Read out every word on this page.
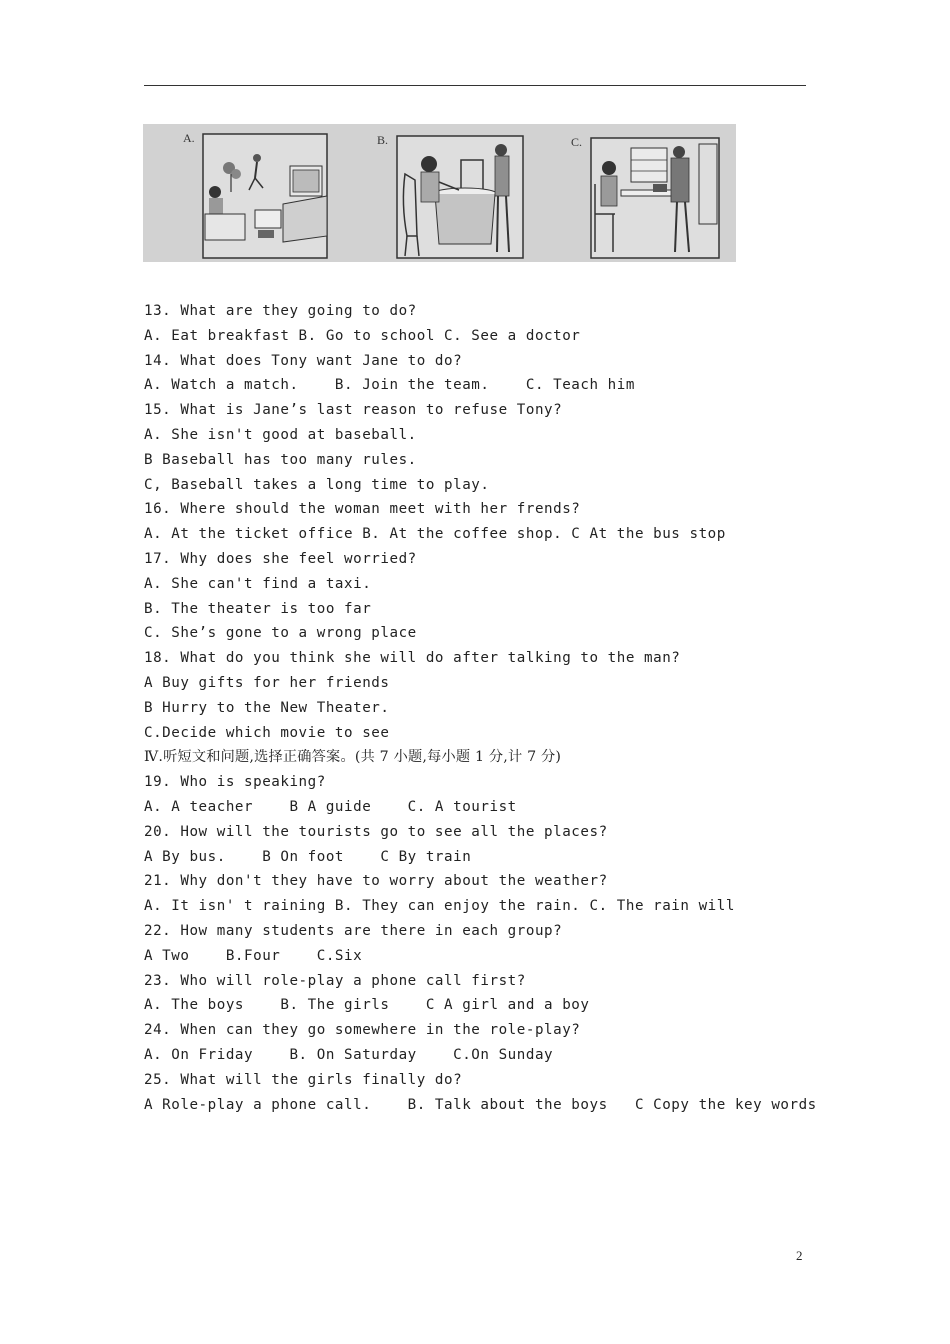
A.	B.	C.
13. What are they going to do?
A. Eat breakfast B. Go to school C. See a doctor
14. What does Tony want Jane to do?
A. Watch a match.    B. Join the team.    C. Teach him
15. What is Jane’s last reason to refuse Tony?
A. She isn't good at baseball.
B Baseball has too many rules.
C, Baseball takes a long time to play.
16. Where should the woman meet with her frends?
A. At the ticket office B. At the coffee shop. C At the bus stop
17. Why does she feel worried?
A. She can't find a taxi.
B. The theater is too far
C. She’s gone to a wrong place
18. What do you think she will do after talking to the man?
A Buy gifts for her friends
B Hurry to the New Theater.
C.Decide which movie to see
Ⅳ.听短文和问题,选择正确答案。(共 7 小题,每小题 1 分,计 7 分)
19. Who is speaking?
A. A teacher    B A guide    C. A tourist
20. How will the tourists go to see all the places?
A By bus.    B On foot    C By train
21. Why don't they have to worry about the weather?
A. It isn' t raining B. They can enjoy the rain. C. The rain will
22. How many students are there in each group?
A Two    B.Four    C.Six
23. Who will role-play a phone call first?
A. The boys    B. The girls    C A girl and a boy
24. When can they go somewhere in the role-play?
A. On Friday    B. On Saturday    C.On Sunday
25. What will the girls finally do?
A Role-play a phone call.    B. Talk about the boys   C Copy the key words
2
